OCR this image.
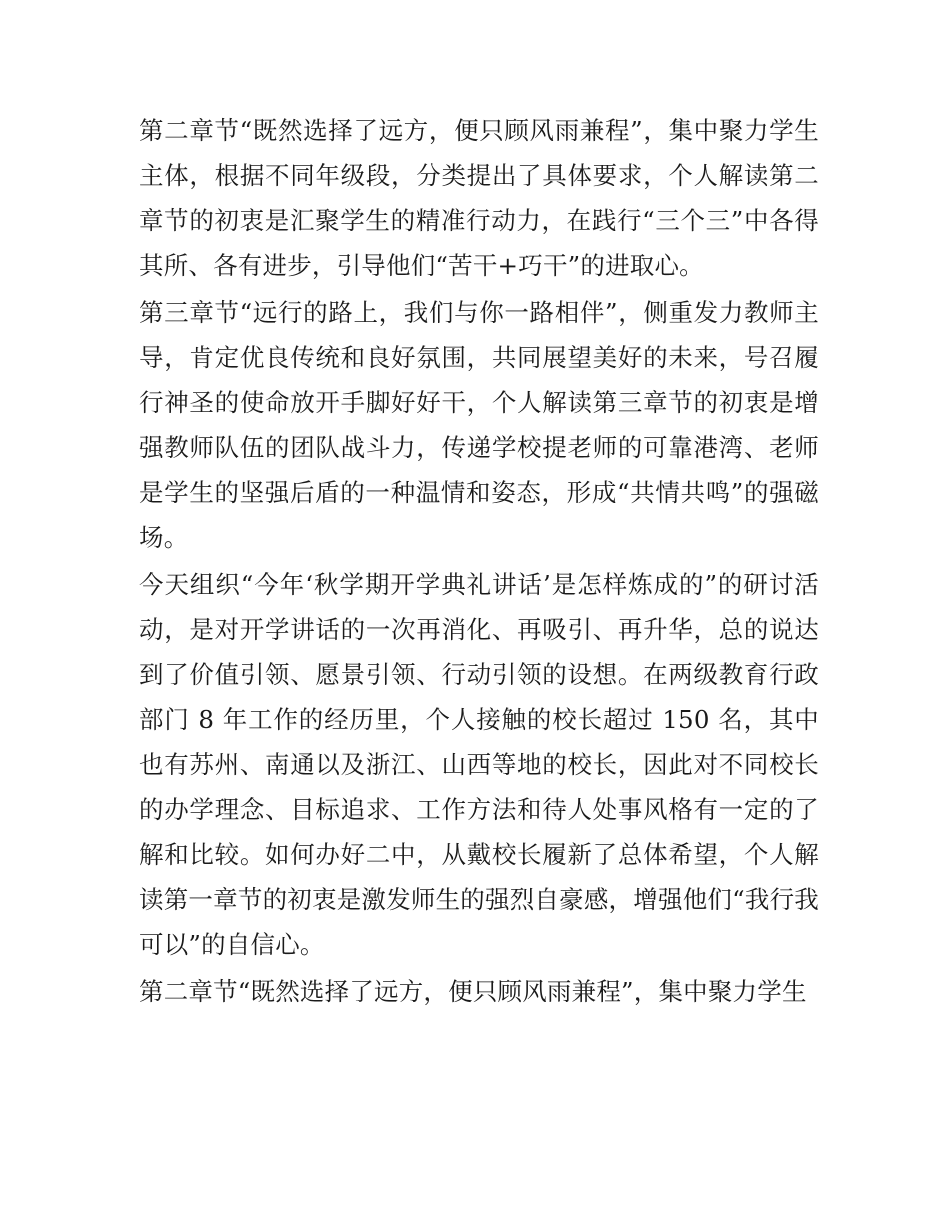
第二章节“既然选择了远方，便只顾风雨兼程”，集中聚力学生主体，根据不同年级段，分类提出了具体要求，个人解读第二章节的初衷是汇聚学生的精准行动力，在践行“三个三”中各得其所、各有进步，引导他们“苦干+巧干”的进取心。

第三章节“远行的路上，我们与你一路相伴”，侧重发力教师主导，肯定优良传统和良好氛围，共同展望美好的未来，号召履行神圣的使命放开手脚好好干，个人解读第三章节的初衷是增强教师队伍的团队战斗力，传递学校提老师的可靠港湾、老师是学生的坚强后盾的一种温情和姿态，形成“共情共鸣”的强磁场。

今天组织“今年‘秋学期开学典礼讲话’是怎样炼成的”的研讨活动，是对开学讲话的一次再消化、再吸引、再升华，总的说达到了价值引领、愿景引领、行动引领的设想。在两级教育行政部门 8 年工作的经历里，个人接触的校长超过 150 名，其中也有苏州、南通以及浙江、山西等地的校长，因此对不同校长的办学理念、目标追求、工作方法和待人处事风格有一定的了解和比较。如何办好二中，从戴校长履新了总体希望，个人解读第一章节的初衷是激发师生的强烈自豪感，增强他们“我行我可以”的自信心。

第二章节“既然选择了远方，便只顾风雨兼程”，集中聚力学生
